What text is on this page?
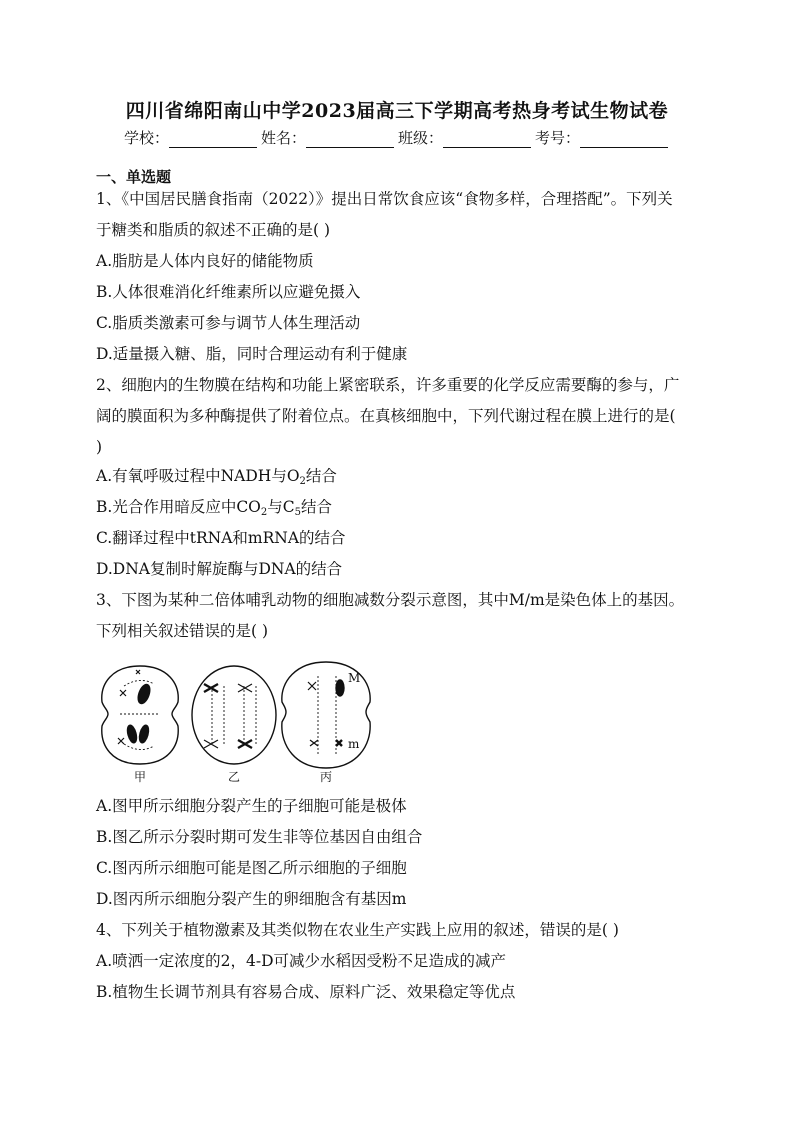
四川省绵阳南山中学2023届高三下学期高考热身考试生物试卷
学校：	姓名：	班级：	考号：
一、单选题
1、《中国居民膳食指南（2022）》提出日常饮食应该“食物多样，合理搭配”。下列关
于糖类和脂质的叙述不正确的是( )
A.脂肪是人体内良好的储能物质
B.人体很难消化纤维素所以应避免摄入
C.脂质类激素可参与调节人体生理活动
D.适量摄入糖、脂，同时合理运动有利于健康
2、细胞内的生物膜在结构和功能上紧密联系，许多重要的化学反应需要酶的参与，广
阔的膜面积为多种酶提供了附着位点。在真核细胞中，下列代谢过程在膜上进行的是(
)
A.有氧呼吸过程中NADH与$O_2$结合
B.光合作用暗反应中$CO_2$与$C_5$结合
C.翻译过程中tRNA和mRNA的结合
D.DNA复制时解旋酶与DNA的结合
3、下图为某种二倍体哺乳动物的细胞减数分裂示意图，其中M/m是染色体上的基因。
下列相关叙述错误的是( )
M
m
甲	乙	丙
A.图甲所示细胞分裂产生的子细胞可能是极体
B.图乙所示分裂时期可发生非等位基因自由组合
C.图丙所示细胞可能是图乙所示细胞的子细胞
D.图丙所示细胞分裂产生的卵细胞含有基因m
4、下列关于植物激素及其类似物在农业生产实践上应用的叙述，错误的是( )
A.喷洒一定浓度的2，4-D可减少水稻因受粉不足造成的减产
B.植物生长调节剂具有容易合成、原料广泛、效果稳定等优点
